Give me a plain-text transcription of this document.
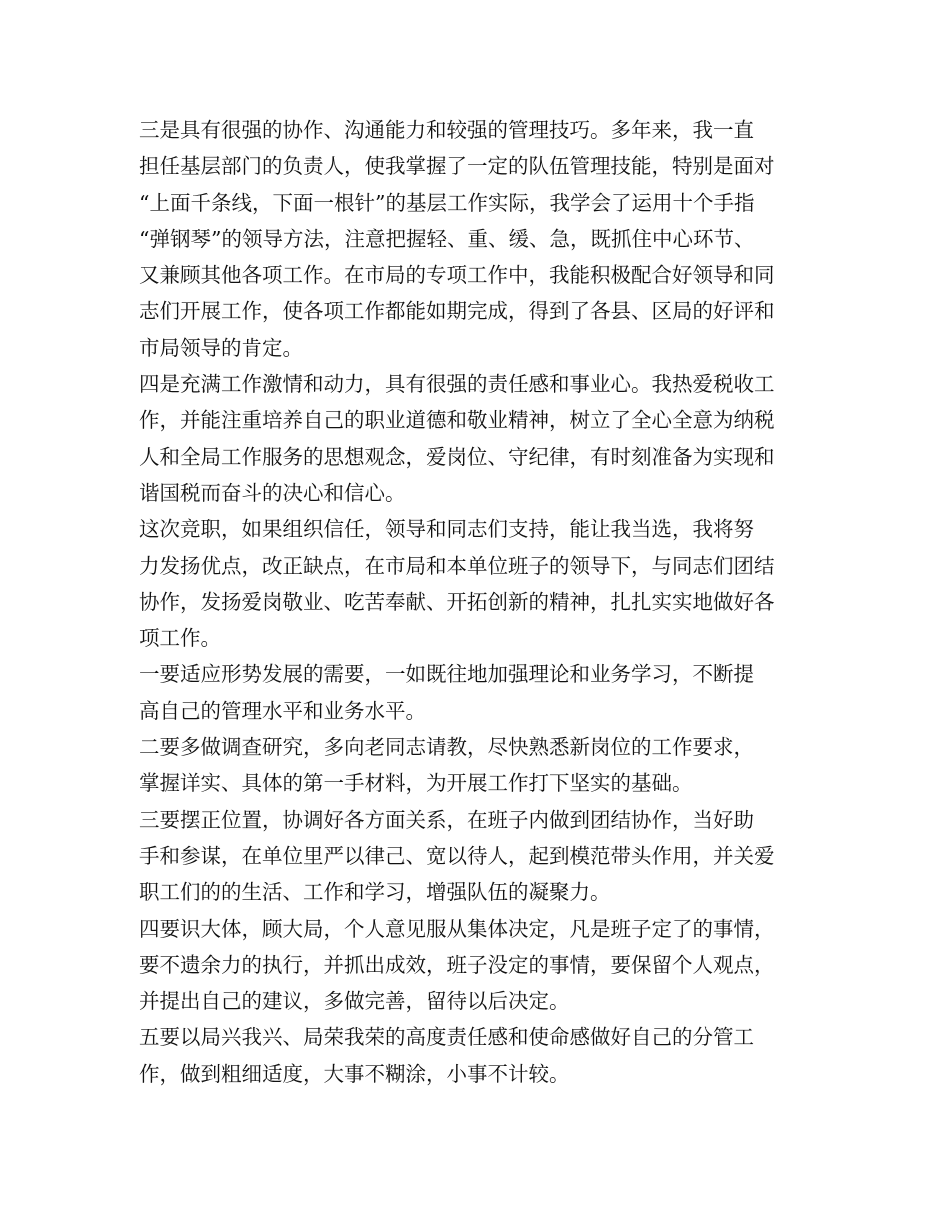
三是具有很强的协作、沟通能力和较强的管理技巧。多年来，我一直
担任基层部门的负责人，使我掌握了一定的队伍管理技能，特别是面对
“上面千条线，下面一根针”的基层工作实际，我学会了运用十个手指
“弹钢琴”的领导方法，注意把握轻、重、缓、急，既抓住中心环节、
又兼顾其他各项工作。在市局的专项工作中，我能积极配合好领导和同
志们开展工作，使各项工作都能如期完成，得到了各县、区局的好评和
市局领导的肯定。
四是充满工作激情和动力，具有很强的责任感和事业心。我热爱税收工
作，并能注重培养自己的职业道德和敬业精神，树立了全心全意为纳税
人和全局工作服务的思想观念，爱岗位、守纪律，有时刻准备为实现和
谐国税而奋斗的决心和信心。
这次竞职，如果组织信任，领导和同志们支持，能让我当选，我将努
力发扬优点，改正缺点，在市局和本单位班子的领导下，与同志们团结
协作，发扬爱岗敬业、吃苦奉献、开拓创新的精神，扎扎实实地做好各
项工作。
一要适应形势发展的需要，一如既往地加强理论和业务学习，不断提
高自己的管理水平和业务水平。
二要多做调查研究，多向老同志请教，尽快熟悉新岗位的工作要求，
掌握详实、具体的第一手材料，为开展工作打下坚实的基础。
三要摆正位置，协调好各方面关系，在班子内做到团结协作，当好助
手和参谋，在单位里严以律己、宽以待人，起到模范带头作用，并关爱
职工们的的生活、工作和学习，增强队伍的凝聚力。
四要识大体，顾大局，个人意见服从集体决定，凡是班子定了的事情，
要不遗余力的执行，并抓出成效，班子没定的事情，要保留个人观点，
并提出自己的建议，多做完善，留待以后决定。
五要以局兴我兴、局荣我荣的高度责任感和使命感做好自己的分管工
作，做到粗细适度，大事不糊涂，小事不计较。
